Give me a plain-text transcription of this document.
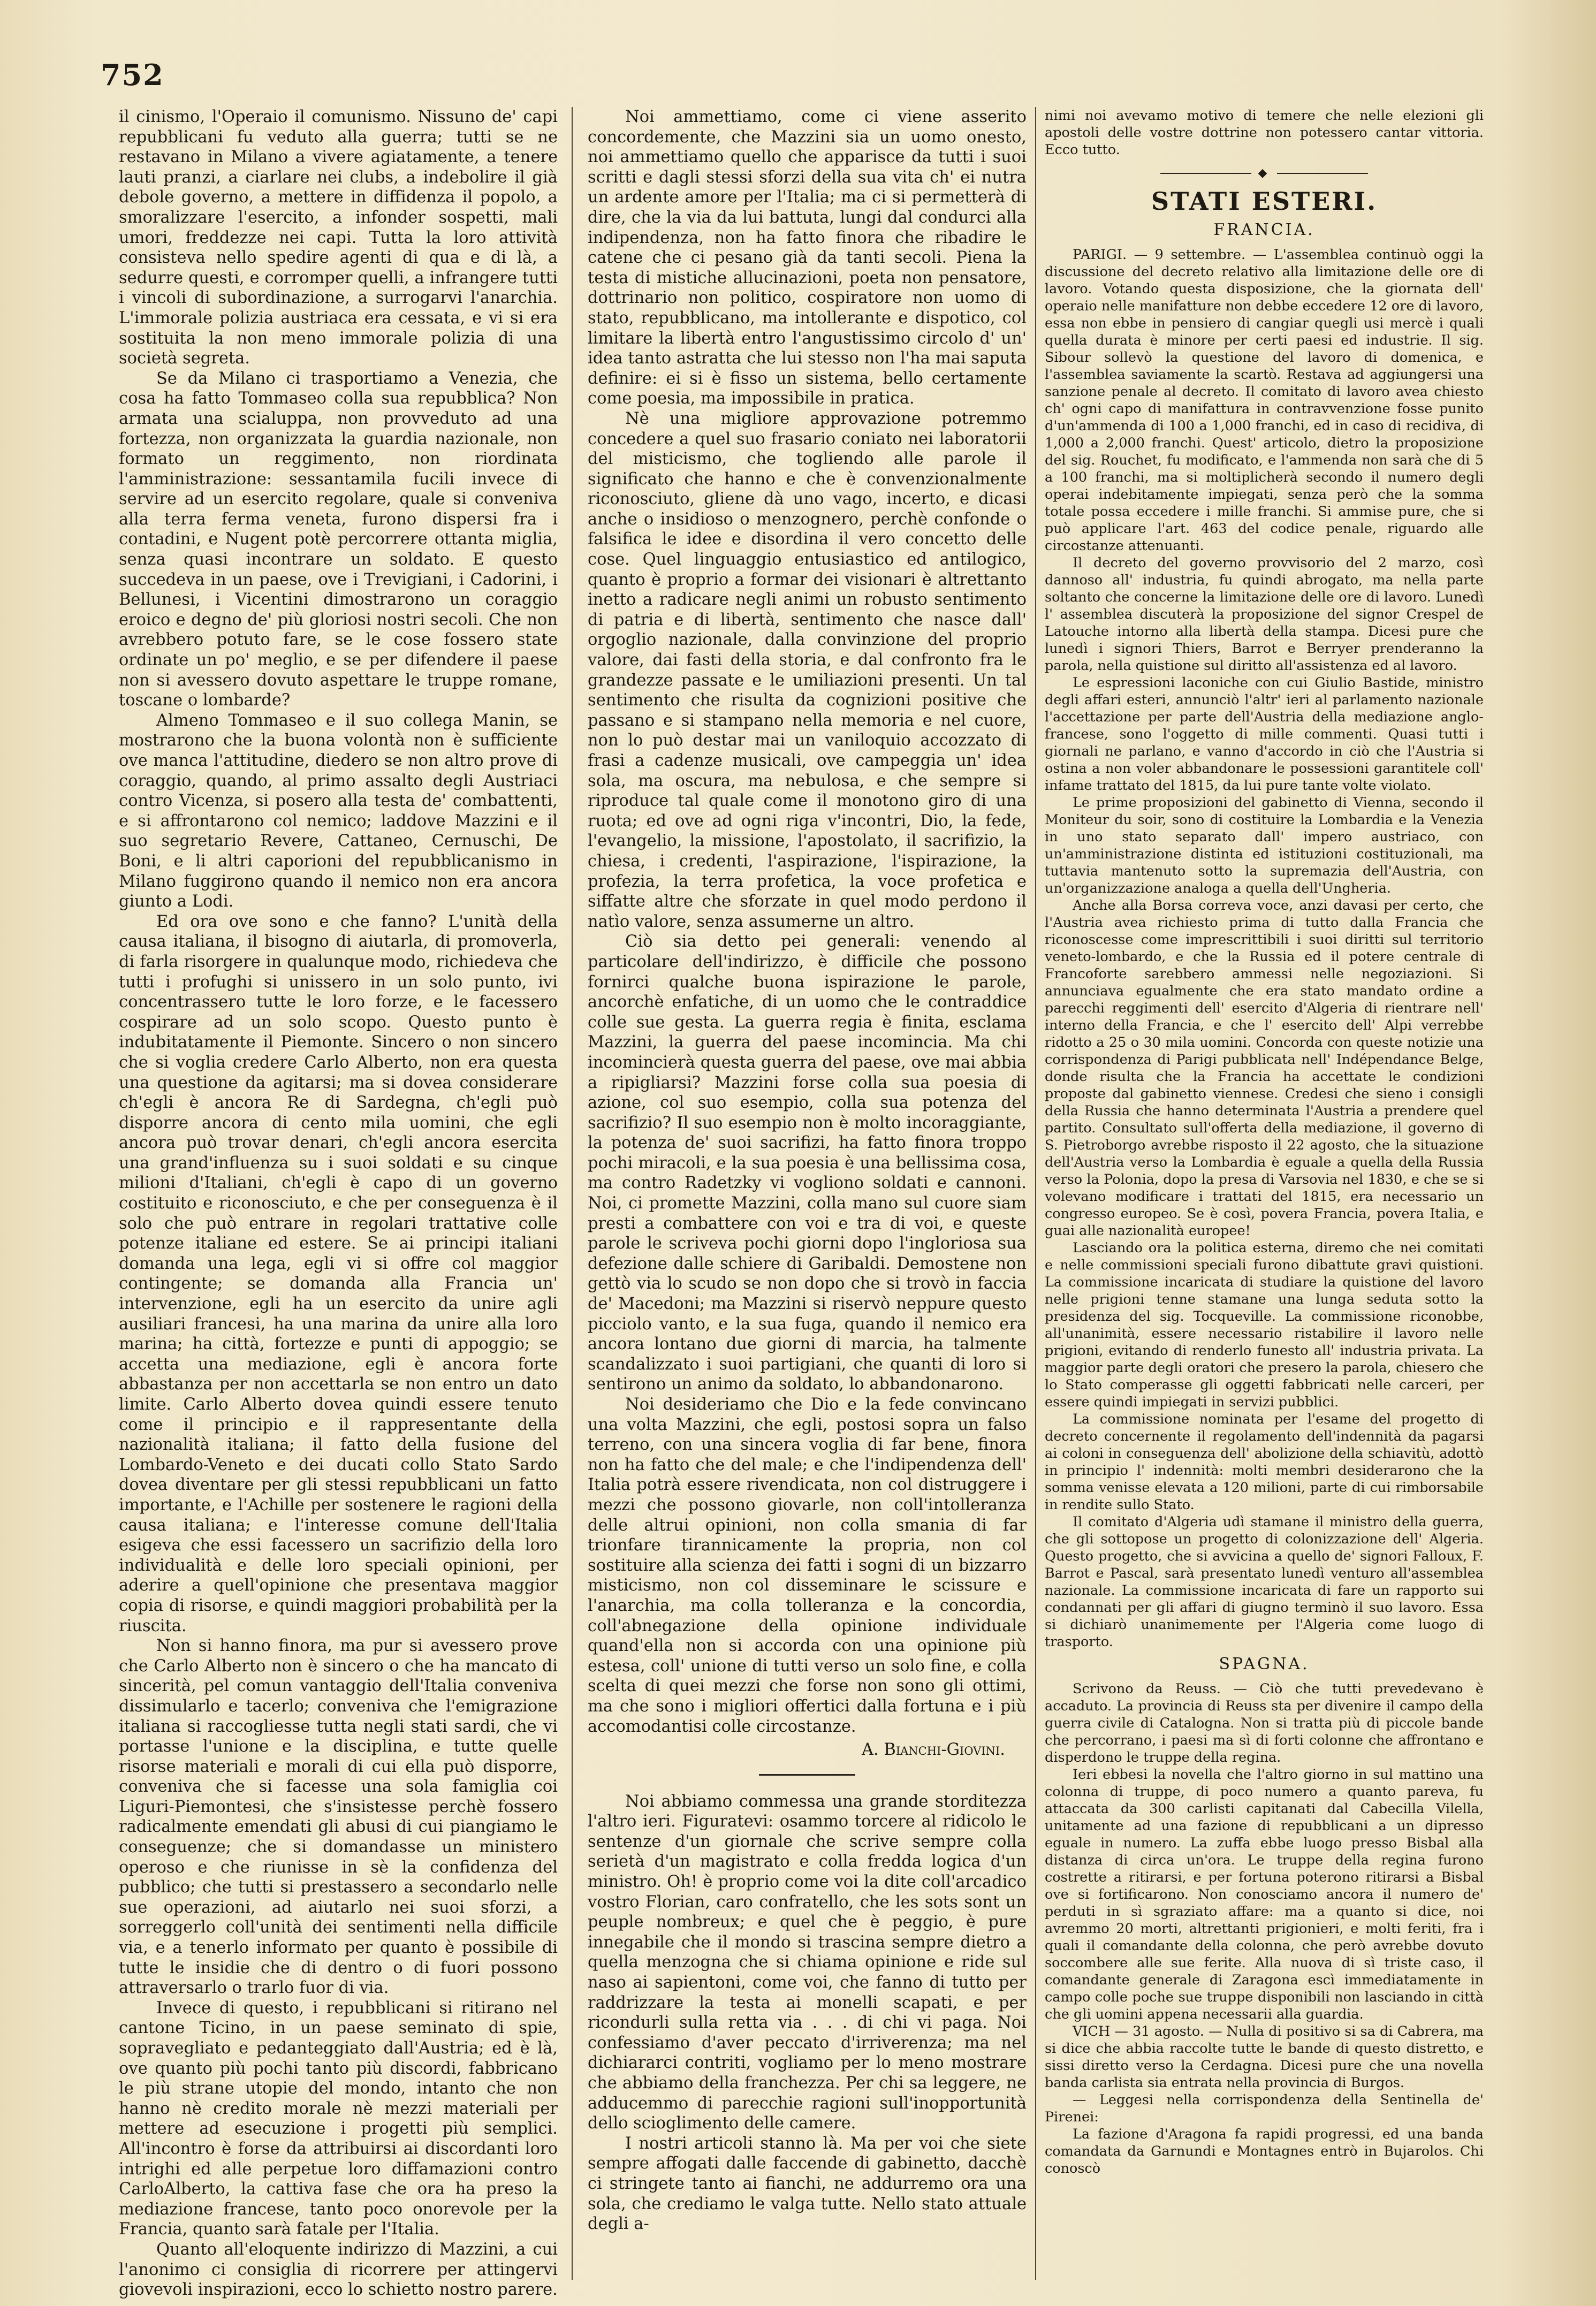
752

il cinismo, l'Operaio il comunismo. Nissuno de' capi repubblicani fu veduto alla guerra; tutti se ne restavano in Milano a vivere agiatamente, a tenere lauti pranzi, a ciarlare nei clubs, a indebolire il già debole governo, a mettere in diffidenza il popolo, a smoralizzare l'esercito, a infonder sospetti, mali umori, freddezze nei capi. Tutta la loro attività consisteva nello spedire agenti di qua e di là, a sedurre questi, e corromper quelli, a infrangere tutti i vincoli di subordinazione, a surrogarvi l'anarchia. L'immorale polizia austriaca era cessata, e vi si era sostituita la non meno immorale polizia di una società segreta.

Se da Milano ci trasportiamo a Venezia, che cosa ha fatto Tommaseo colla sua repubblica? Non armata una scialuppa, non provveduto ad una fortezza, non organizzata la guardia nazionale, non formato un reggimento, non riordinata l'amministrazione: sessantamila fucili invece di servire ad un esercito regolare, quale si conveniva alla terra ferma veneta, furono dispersi fra i contadini, e Nugent potè percorrere ottanta miglia, senza quasi incontrare un soldato. E questo succedeva in un paese, ove i Trevigiani, i Cadorini, i Bellunesi, i Vicentini dimostrarono un coraggio eroico e degno de' più gloriosi nostri secoli. Che non avrebbero potuto fare, se le cose fossero state ordinate un po' meglio, e se per difendere il paese non si avessero dovuto aspettare le truppe romane, toscane o lombarde?

Almeno Tommaseo e il suo collega Manin, se mostrarono che la buona volontà non è sufficiente ove manca l'attitudine, diedero se non altro prove di coraggio, quando, al primo assalto degli Austriaci contro Vicenza, si posero alla testa de' combattenti, e si affrontarono col nemico; laddove Mazzini e il suo segretario Revere, Cattaneo, Cernuschi, De Boni, e li altri caporioni del repubblicanismo in Milano fuggirono quando il nemico non era ancora giunto a Lodi.

Ed ora ove sono e che fanno? L'unità della causa italiana, il bisogno di aiutarla, di promoverla, di farla risorgere in qualunque modo, richiedeva che tutti i profughi si unissero in un solo punto, ivi concentrassero tutte le loro forze, e le facessero cospirare ad un solo scopo. Questo punto è indubitatamente il Piemonte. Sincero o non sincero che si voglia credere Carlo Alberto, non era questa una questione da agitarsi; ma si dovea considerare ch'egli è ancora Re di Sardegna, ch'egli può disporre ancora di cento mila uomini, che egli ancora può trovar denari, ch'egli ancora esercita una grand'influenza su i suoi soldati e su cinque milioni d'Italiani, ch'egli è capo di un governo costituito e riconosciuto, e che per conseguenza è il solo che può entrare in regolari trattative colle potenze italiane ed estere. Se ai principi italiani domanda una lega, egli vi si offre col maggior contingente; se domanda alla Francia un' intervenzione, egli ha un esercito da unire agli ausiliari francesi, ha una marina da unire alla loro marina; ha città, fortezze e punti di appoggio; se accetta una mediazione, egli è ancora forte abbastanza per non accettarla se non entro un dato limite. Carlo Alberto dovea quindi essere tenuto come il principio e il rappresentante della nazionalità italiana; il fatto della fusione del Lombardo-Veneto e dei ducati collo Stato Sardo dovea diventare per gli stessi repubblicani un fatto importante, e l'Achille per sostenere le ragioni della causa italiana; e l'interesse comune dell'Italia esigeva che essi facessero un sacrifizio della loro individualità e delle loro speciali opinioni, per aderire a quell'opinione che presentava maggior copia di risorse, e quindi maggiori probabilità per la riuscita.

Non si hanno finora, ma pur si avessero prove che Carlo Alberto non è sincero o che ha mancato di sincerità, pel comun vantaggio dell'Italia conveniva dissimularlo e tacerlo; conveniva che l'emigrazione italiana si raccogliesse tutta negli stati sardi, che vi portasse l'unione e la disciplina, e tutte quelle risorse materiali e morali di cui ella può disporre, conveniva che si facesse una sola famiglia coi Liguri-Piemontesi, che s'insistesse perchè fossero radicalmente emendati gli abusi di cui piangiamo le conseguenze; che si domandasse un ministero operoso e che riunisse in sè la confidenza del pubblico; che tutti si prestassero a secondarlo nelle sue operazioni, ad aiutarlo nei suoi sforzi, a sorreggerlo coll'unità dei sentimenti nella difficile via, e a tenerlo informato per quanto è possibile di tutte le insidie che di dentro o di fuori possono attraversarlo o trarlo fuor di via.

Invece di questo, i repubblicani si ritirano nel cantone Ticino, in un paese seminato di spie, sopravegliato e pedanteggiato dall'Austria; ed è là, ove quanto più pochi tanto più discordi, fabbricano le più strane utopie del mondo, intanto che non hanno nè credito morale nè mezzi materiali per mettere ad esecuzione i progetti più semplici. All'incontro è forse da attribuirsi ai discordanti loro intrighi ed alle perpetue loro diffamazioni contro CarloAlberto, la cattiva fase che ora ha preso la mediazione francese, tanto poco onorevole per la Francia, quanto sarà fatale per l'Italia.

Quanto all'eloquente indirizzo di Mazzini, a cui l'anonimo ci consiglia di ricorrere per attingervi giovevoli inspirazioni, ecco lo schietto nostro parere.

Noi ammettiamo, come ci viene asserito concordemente, che Mazzini sia un uomo onesto, noi ammettiamo quello che apparisce da tutti i suoi scritti e dagli stessi sforzi della sua vita ch' ei nutra un ardente amore per l'Italia; ma ci si permetterà di dire, che la via da lui battuta, lungi dal condurci alla indipendenza, non ha fatto finora che ribadire le catene che ci pesano già da tanti secoli. Piena la testa di mistiche allucinazioni, poeta non pensatore, dottrinario non politico, cospiratore non uomo di stato, repubblicano, ma intollerante e dispotico, col limitare la libertà entro l'angustissimo circolo d' un' idea tanto astratta che lui stesso non l'ha mai saputa definire: ei si è fisso un sistema, bello certamente come poesia, ma impossibile in pratica.

Nè una migliore approvazione potremmo concedere a quel suo frasario coniato nei laboratorii del misticismo, che togliendo alle parole il significato che hanno e che è convenzionalmente riconosciuto, gliene dà uno vago, incerto, e dicasi anche o insidioso o menzognero, perchè confonde o falsifica le idee e disordina il vero concetto delle cose. Quel linguaggio entusiastico ed antilogico, quanto è proprio a formar dei visionari è altrettanto inetto a radicare negli animi un robusto sentimento di patria e di libertà, sentimento che nasce dall' orgoglio nazionale, dalla convinzione del proprio valore, dai fasti della storia, e dal confronto fra le grandezze passate e le umiliazioni presenti. Un tal sentimento che risulta da cognizioni positive che passano e si stampano nella memoria e nel cuore, non lo può destar mai un vaniloquio accozzato di frasi a cadenze musicali, ove campeggia un' idea sola, ma oscura, ma nebulosa, e che sempre si riproduce tal quale come il monotono giro di una ruota; ed ove ad ogni riga v'incontri, Dio, la fede, l'evangelio, la missione, l'apostolato, il sacrifizio, la chiesa, i credenti, l'aspirazione, l'ispirazione, la profezia, la terra profetica, la voce profetica e siffatte altre che sforzate in quel modo perdono il natìo valore, senza assumerne un altro.

Ciò sia detto pei generali: venendo al particolare dell'indirizzo, è difficile che possono fornirci qualche buona ispirazione le parole, ancorchè enfatiche, di un uomo che le contraddice colle sue gesta. La guerra regia è finita, esclama Mazzini, la guerra del paese incomincia. Ma chi incomincierà questa guerra del paese, ove mai abbia a ripigliarsi? Mazzini forse colla sua poesia di azione, col suo esempio, colla sua potenza del sacrifizio? Il suo esempio non è molto incoraggiante, la potenza de' suoi sacrifizi, ha fatto finora troppo pochi miracoli, e la sua poesia è una bellissima cosa, ma contro Radetzky vi vogliono soldati e cannoni. Noi, ci promette Mazzini, colla mano sul cuore siam presti a combattere con voi e tra di voi, e queste parole le scriveva pochi giorni dopo l'ingloriosa sua defezione dalle schiere di Garibaldi. Demostene non gettò via lo scudo se non dopo che si trovò in faccia de' Macedoni; ma Mazzini si riservò neppure questo picciolo vanto, e la sua fuga, quando il nemico era ancora lontano due giorni di marcia, ha talmente scandalizzato i suoi partigiani, che quanti di loro si sentirono un animo da soldato, lo abbandonarono.

Noi desideriamo che Dio e la fede convincano una volta Mazzini, che egli, postosi sopra un falso terreno, con una sincera voglia di far bene, finora non ha fatto che del male; e che l'indipendenza dell' Italia potrà essere rivendicata, non col distruggere i mezzi che possono giovarle, non coll'intolleranza delle altrui opinioni, non colla smania di far trionfare tirannicamente la propria, non col sostituire alla scienza dei fatti i sogni di un bizzarro misticismo, non col disseminare le scissure e l'anarchia, ma colla tolleranza e la concordia, coll'abnegazione della opinione individuale quand'ella non si accorda con una opinione più estesa, coll' unione di tutti verso un solo fine, e colla scelta di quei mezzi che forse non sono gli ottimi, ma che sono i migliori offertici dalla fortuna e i più accomodantisi colle circostanze.

A. Bianchi-Giovini.

Noi abbiamo commessa una grande storditezza l'altro ieri. Figuratevi: osammo torcere al ridicolo le sentenze d'un giornale che scrive sempre colla serietà d'un magistrato e colla fredda logica d'un ministro. Oh! è proprio come voi la dite coll'arcadico vostro Florian, caro confratello, che les sots sont un peuple nombreux; e quel che è peggio, è pure innegabile che il mondo si trascina sempre dietro a quella menzogna che si chiama opinione e ride sul naso ai sapientoni, come voi, che fanno di tutto per raddrizzare la testa ai monelli scapati, e per ricondurli sulla retta via . . . di chi vi paga. Noi confessiamo d'aver peccato d'irriverenza; ma nel dichiararci contriti, vogliamo per lo meno mostrare che abbiamo della franchezza. Per chi sa leggere, ne adducemmo di parecchie ragioni sull'inopportunità dello scioglimento delle camere.

I nostri articoli stanno là. Ma per voi che siete sempre affogati dalle faccende di gabinetto, dacchè ci stringete tanto ai fianchi, ne addurremo ora una sola, che crediamo le valga tutte. Nello stato attuale degli a-

nimi noi avevamo motivo di temere che nelle elezioni gli apostoli delle vostre dottrine non potessero cantar vittoria. Ecco tutto.

◆
STATI ESTERI.
FRANCIA.

PARIGI. — 9 settembre. — L'assemblea continuò oggi la discussione del decreto relativo alla limitazione delle ore di lavoro. Votando questa disposizione, che la giornata dell' operaio nelle manifatture non debbe eccedere 12 ore di lavoro, essa non ebbe in pensiero di cangiar quegli usi mercè i quali quella durata è minore per certi paesi ed industrie. Il sig. Sibour sollevò la questione del lavoro di domenica, e l'assemblea saviamente la scartò. Restava ad aggiungersi una sanzione penale al decreto. Il comitato di lavoro avea chiesto ch' ogni capo di manifattura in contravvenzione fosse punito d'un'ammenda di 100 a 1,000 franchi, ed in caso di recidiva, di 1,000 a 2,000 franchi. Quest' articolo, dietro la proposizione del sig. Rouchet, fu modificato, e l'ammenda non sarà che di 5 a 100 franchi, ma si moltiplicherà secondo il numero degli operai indebitamente impiegati, senza però che la somma totale possa eccedere i mille franchi. Si ammise pure, che si può applicare l'art. 463 del codice penale, riguardo alle circostanze attenuanti.

Il decreto del governo provvisorio del 2 marzo, così dannoso all' industria, fu quindi abrogato, ma nella parte soltanto che concerne la limitazione delle ore di lavoro. Lunedì l' assemblea discuterà la proposizione del signor Crespel de Latouche intorno alla libertà della stampa. Dicesi pure che lunedì i signori Thiers, Barrot e Berryer prenderanno la parola, nella quistione sul diritto all'assistenza ed al lavoro.

Le espressioni laconiche con cui Giulio Bastide, ministro degli affari esteri, annunciò l'altr' ieri al parlamento nazionale l'accettazione per parte dell'Austria della mediazione anglo-francese, sono l'oggetto di mille commenti. Quasi tutti i giornali ne parlano, e vanno d'accordo in ciò che l'Austria si ostina a non voler abbandonare le possessioni garantitele coll' infame trattato del 1815, da lui pure tante volte violato.

Le prime proposizioni del gabinetto di Vienna, secondo il Moniteur du soir, sono di costituire la Lombardia e la Venezia in uno stato separato dall' impero austriaco, con un'amministrazione distinta ed istituzioni costituzionali, ma tuttavia mantenuto sotto la supremazia dell'Austria, con un'organizzazione analoga a quella dell'Ungheria.

Anche alla Borsa correva voce, anzi davasi per certo, che l'Austria avea richiesto prima di tutto dalla Francia che riconoscesse come imprescrittibili i suoi diritti sul territorio veneto-lombardo, e che la Russia ed il potere centrale di Francoforte sarebbero ammessi nelle negoziazioni. Si annunciava egualmente che era stato mandato ordine a parecchi reggimenti dell' esercito d'Algeria di rientrare nell' interno della Francia, e che l' esercito dell' Alpi verrebbe ridotto a 25 o 30 mila uomini. Concorda con queste notizie una corrispondenza di Parigi pubblicata nell' Indépendance Belge, donde risulta che la Francia ha accettate le condizioni proposte dal gabinetto viennese. Credesi che sieno i consigli della Russia che hanno determinata l'Austria a prendere quel partito. Consultato sull'offerta della mediazione, il governo di S. Pietroborgo avrebbe risposto il 22 agosto, che la situazione dell'Austria verso la Lombardia è eguale a quella della Russia verso la Polonia, dopo la presa di Varsovia nel 1830, e che se si volevano modificare i trattati del 1815, era necessario un congresso europeo. Se è così, povera Francia, povera Italia, e guai alle nazionalità europee!

Lasciando ora la politica esterna, diremo che nei comitati e nelle commissioni speciali furono dibattute gravi quistioni. La commissione incaricata di studiare la quistione del lavoro nelle prigioni tenne stamane una lunga seduta sotto la presidenza del sig. Tocqueville. La commissione riconobbe, all'unanimità, essere necessario ristabilire il lavoro nelle prigioni, evitando di renderlo funesto all' industria privata. La maggior parte degli oratori che presero la parola, chiesero che lo Stato comperasse gli oggetti fabbricati nelle carceri, per essere quindi impiegati in servizi pubblici.

La commissione nominata per l'esame del progetto di decreto concernente il regolamento dell'indennità da pagarsi ai coloni in conseguenza dell' abolizione della schiavitù, adottò in principio l' indennità: molti membri desiderarono che la somma venisse elevata a 120 milioni, parte di cui rimborsabile in rendite sullo Stato.

Il comitato d'Algeria udì stamane il ministro della guerra, che gli sottopose un progetto di colonizzazione dell' Algeria. Questo progetto, che si avvicina a quello de' signori Falloux, F. Barrot e Pascal, sarà presentato lunedì venturo all'assemblea nazionale. La commissione incaricata di fare un rapporto sui condannati per gli affari di giugno terminò il suo lavoro. Essa si dichiarò unanimemente per l'Algeria come luogo di trasporto.

SPAGNA.

Scrivono da Reuss. — Ciò che tutti prevedevano è accaduto. La provincia di Reuss sta per divenire il campo della guerra civile di Catalogna. Non si tratta più di piccole bande che percorrano, i paesi ma sì di forti colonne che affrontano e disperdono le truppe della regina.

Ieri ebbesi la novella che l'altro giorno in sul mattino una colonna di truppe, di poco numero a quanto pareva, fu attaccata da 300 carlisti capitanati dal Cabecilla Vilella, unitamente ad una fazione di repubblicani a un dipresso eguale in numero. La zuffa ebbe luogo presso Bisbal alla distanza di circa un'ora. Le truppe della regina furono costrette a ritirarsi, e per fortuna poterono ritirarsi a Bisbal ove si fortificarono. Non conosciamo ancora il numero de' perduti in sì sgraziato affare: ma a quanto si dice, noi avremmo 20 morti, altrettanti prigionieri, e molti feriti, fra i quali il comandante della colonna, che però avrebbe dovuto soccombere alle sue ferite. Alla nuova di sì triste caso, il comandante generale di Zaragona escì immediatamente in campo colle poche sue truppe disponibili non lasciando in città che gli uomini appena necessarii alla guardia.

VICH — 31 agosto. — Nulla di positivo si sa di Cabrera, ma si dice che abbia raccolte tutte le bande di questo distretto, e sissi diretto verso la Cerdagna. Dicesi pure che una novella banda carlista sia entrata nella provincia di Burgos.

— Leggesi nella corrispondenza della Sentinella de' Pirenei:

La fazione d'Aragona fa rapidi progressi, ed una banda comandata da Garnundi e Montagnes entrò in Bujarolos. Chi conoscò
